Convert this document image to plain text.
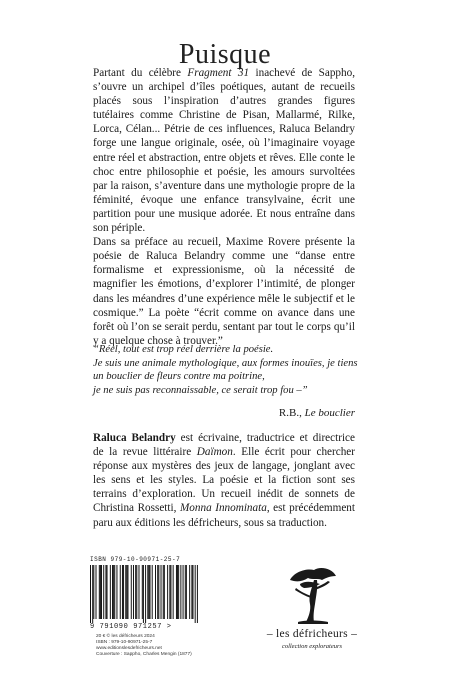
Puisque

Partant du célèbre Fragment 31 inachevé de Sappho, s’ouvre un archipel d’îles poétiques, autant de recueils placés sous l’inspiration d’autres grandes figures tutélaires comme Christine de Pisan, Mallarmé, Rilke, Lorca, Célan... Pétrie de ces influences, Raluca Belandry forge une langue originale, osée, où l’imaginaire voyage entre réel et abstraction, entre objets et rêves. Elle conte le choc entre philosophie et poésie, les amours survoltées par la raison, s’aventure dans une mythologie propre de la féminité, évoque une enfance transylvaine, écrit une partition pour une musique adorée. Et nous entraîne dans son périple.

Dans sa préface au recueil, Maxime Rovere présente la poésie de Raluca Belandry comme une “danse entre formalisme et expressionisme, où la nécessité de magnifier les émotions, d’explorer l’intimité, de plonger dans les méandres d’une expérience mêle le subjectif et le cosmique.” La poète “écrit comme on avance dans une forêt où l’on se serait perdu, sentant par tout le corps qu’il y a quelque chose à trouver.”

“Réel, tout est trop réel derrière la poésie.
Je suis une animale mythologique, aux formes inouïes, je tiens
un bouclier de fleurs contre ma poitrine,
je ne suis pas reconnaissable, ce serait trop fou –”
R.B., Le bouclier

Raluca Belandry est écrivaine, traductrice et directrice de la revue littéraire Daïmon. Elle écrit pour chercher réponse aux mystères des jeux de langage, jonglant avec les sens et les styles. La poésie et la fiction sont ses terrains d’exploration. Un recueil inédit de sonnets de Christina Rossetti, Monna Innominata, est précédemment paru aux éditions les défricheurs, sous sa traduction.

ISBN 979-10-90971-25-7
9 791090 971257 >
20 € © les défricheurs 2024
ISBN : 979-10-90971-25-7
www.editionslesdefricheurs.net
Couverture : Sappho, Charles Mengin (1877)
– les défricheurs –
collection explorateurs
